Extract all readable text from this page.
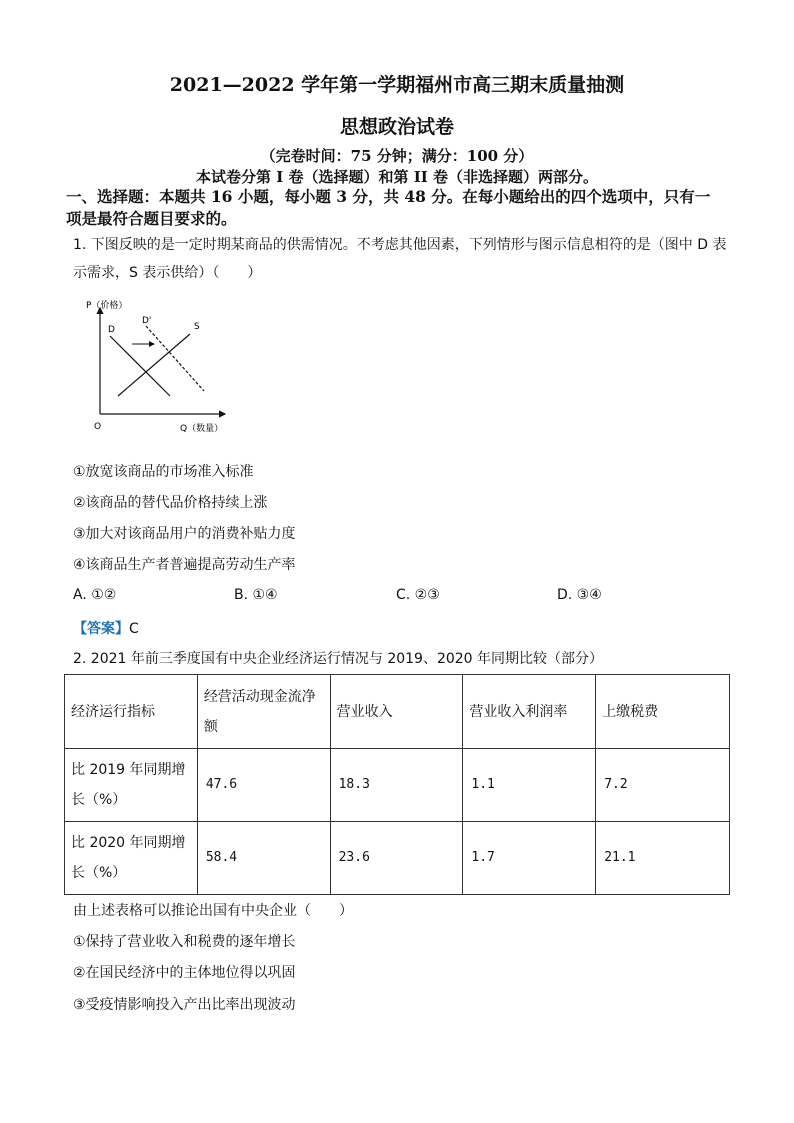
2021—2022 学年第一学期福州市高三期末质量抽测
思想政治试卷
（完卷时间：75 分钟；满分：100 分）
本试卷分第 I 卷（选择题）和第 II 卷（非选择题）两部分。
一、选择题：本题共 16 小题，每小题 3 分，共 48 分。在每小题给出的四个选项中，只有一
项是最符合题目要求的。
1. 下图反映的是一定时期某商品的供需情况。不考虑其他因素，下列情形与图示信息相符的是（图中 D 表
示需求，S 表示供给）（　　）
P（价格）
Q（数量）
O
D
D'
S
①放宽该商品的市场准入标准
②该商品的替代品价格持续上涨
③加大对该商品用户的消费补贴力度
④该商品生产者普遍提高劳动生产率
A. ①②	B. ①④	C. ②③	D. ③④
【答案】C
2. 2021 年前三季度国有中央企业经济运行情况与 2019、2020 年同期比较（部分）
经济运行指标	经营活动现金流净额	营业收入	营业收入利润率	上缴税费
比 2019 年同期增长（%）	47.6	18.3	1.1	7.2
比 2020 年同期增长（%）	58.4	23.6	1.7	21.1
由上述表格可以推论出国有中央企业（　　）
①保持了营业收入和税费的逐年增长
②在国民经济中的主体地位得以巩固
③受疫情影响投入产出比率出现波动
